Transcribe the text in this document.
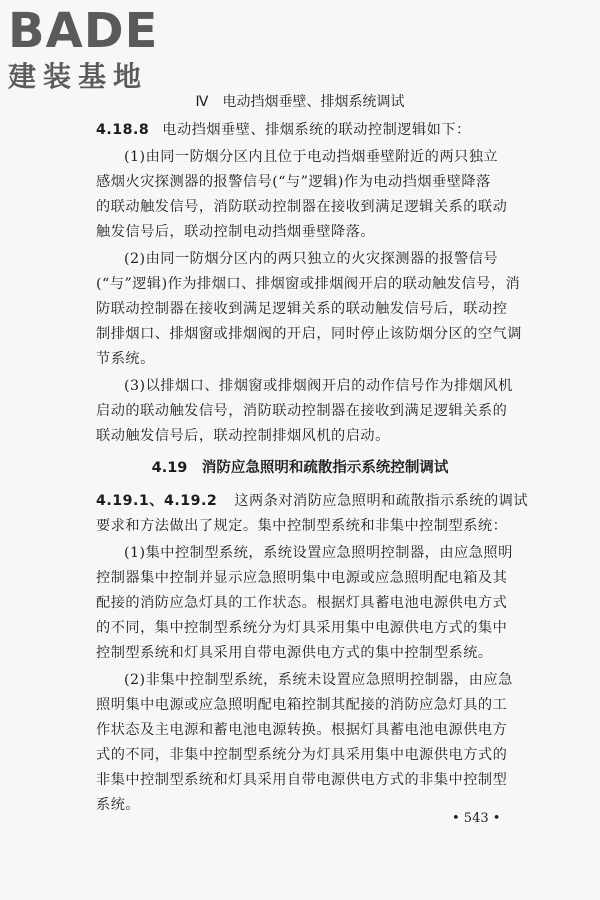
BADE
建装基地
Ⅳ　电动挡烟垂壁、排烟系统调试
4.18.8 电动挡烟垂壁、排烟系统的联动控制逻辑如下：
(1)由同一防烟分区内且位于电动挡烟垂壁附近的两只独立
感烟火灾探测器的报警信号(“与”逻辑)作为电动挡烟垂壁降落
的联动触发信号，消防联动控制器在接收到满足逻辑关系的联动
触发信号后，联动控制电动挡烟垂壁降落。
(2)由同一防烟分区内的两只独立的火灾探测器的报警信号
(“与”逻辑)作为排烟口、排烟窗或排烟阀开启的联动触发信号，消
防联动控制器在接收到满足逻辑关系的联动触发信号后，联动控
制排烟口、排烟窗或排烟阀的开启，同时停止该防烟分区的空气调
节系统。
(3)以排烟口、排烟窗或排烟阀开启的动作信号作为排烟风机
启动的联动触发信号，消防联动控制器在接收到满足逻辑关系的
联动触发信号后，联动控制排烟风机的启动。
4.19　消防应急照明和疏散指示系统控制调试
4.19.1、4.19.2 这两条对消防应急照明和疏散指示系统的调试
要求和方法做出了规定。集中控制型系统和非集中控制型系统：
(1)集中控制型系统，系统设置应急照明控制器，由应急照明
控制器集中控制并显示应急照明集中电源或应急照明配电箱及其
配接的消防应急灯具的工作状态。根据灯具蓄电池电源供电方式
的不同，集中控制型系统分为灯具采用集中电源供电方式的集中
控制型系统和灯具采用自带电源供电方式的集中控制型系统。
(2)非集中控制型系统，系统未设置应急照明控制器，由应急
照明集中电源或应急照明配电箱控制其配接的消防应急灯具的工
作状态及主电源和蓄电池电源转换。根据灯具蓄电池电源供电方
式的不同，非集中控制型系统分为灯具采用集中电源供电方式的
非集中控制型系统和灯具采用自带电源供电方式的非集中控制型
系统。
• 543 •
